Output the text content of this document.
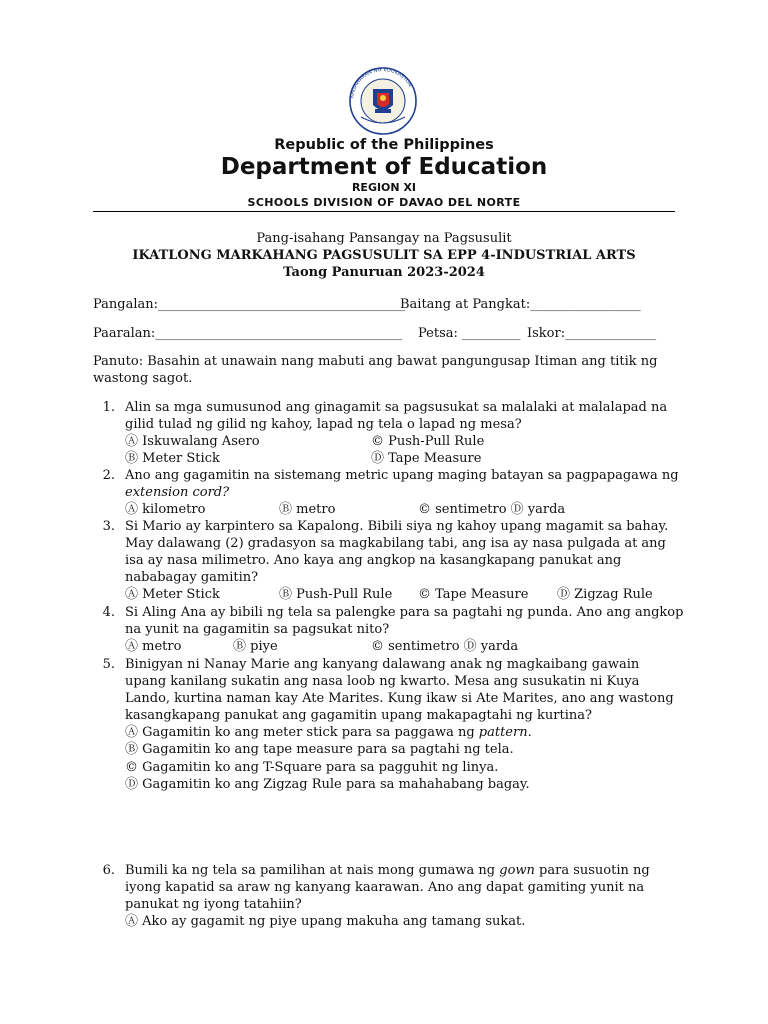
KAGAWARAN NG EDUKASYON
Republic of the Philippines
Department of Education
REGION XI
SCHOOLS DIVISION OF DAVAO DEL NORTE
Pang-isahang Pansangay na Pagsusulit
IKATLONG MARKAHANG PAGSUSULIT SA EPP 4-INDUSTRIAL ARTS
Taong Panuruan 2023-2024
Pangalan:______________________________________
Baitang at Pangkat:_________________
Paaralan:______________________________________ Petsa: _________ Iskor:______________
Panuto: Basahin at unawain nang mabuti ang bawat pangungusap Itiman ang titik ng
wastong sagot.
1. Alin sa mga sumusunod ang ginagamit sa pagsusukat sa malalaki at malalapad na
gilid tulad ng gilid ng kahoy, lapad ng tela o lapad ng mesa?
Ⓐ Iskuwalang Asero	© Push-Pull Rule
Ⓑ Meter Stick	Ⓓ Tape Measure
2. Ano ang gagamitin na sistemang metric upang maging batayan sa pagpapagawa ng
extension cord?
Ⓐ kilometro	Ⓑ metro	© sentimetro Ⓓ yarda
3. Si Mario ay karpintero sa Kapalong. Bibili siya ng kahoy upang magamit sa bahay.
May dalawang (2) gradasyon sa magkabilang tabi, ang isa ay nasa pulgada at ang
isa ay nasa milimetro. Ano kaya ang angkop na kasangkapang panukat ang
nababagay gamitin?
Ⓐ Meter Stick	Ⓑ Push-Pull Rule © Tape Measure Ⓓ Zigzag Rule
4. Si Aling Ana ay bibili ng tela sa palengke para sa pagtahi ng punda. Ano ang angkop
na yunit na gagamitin sa pagsukat nito?
Ⓐ metro	Ⓑ piye	© sentimetro Ⓓ yarda
5. Binigyan ni Nanay Marie ang kanyang dalawang anak ng magkaibang gawain
upang kanilang sukatin ang nasa loob ng kwarto. Mesa ang susukatin ni Kuya
Lando, kurtina naman kay Ate Marites. Kung ikaw si Ate Marites, ano ang wastong
kasangkapang panukat ang gagamitin upang makapagtahi ng kurtina?
Ⓐ Gagamitin ko ang meter stick para sa paggawa ng pattern.
Ⓑ Gagamitin ko ang tape measure para sa pagtahi ng tela.
© Gagamitin ko ang T-Square para sa pagguhit ng linya.
Ⓓ Gagamitin ko ang Zigzag Rule para sa mahahabang bagay.
6. Bumili ka ng tela sa pamilihan at nais mong gumawa ng gown para susuotin ng
iyong kapatid sa araw ng kanyang kaarawan. Ano ang dapat gamiting yunit na
panukat ng iyong tatahiin?
Ⓐ Ako ay gagamit ng piye upang makuha ang tamang sukat.
